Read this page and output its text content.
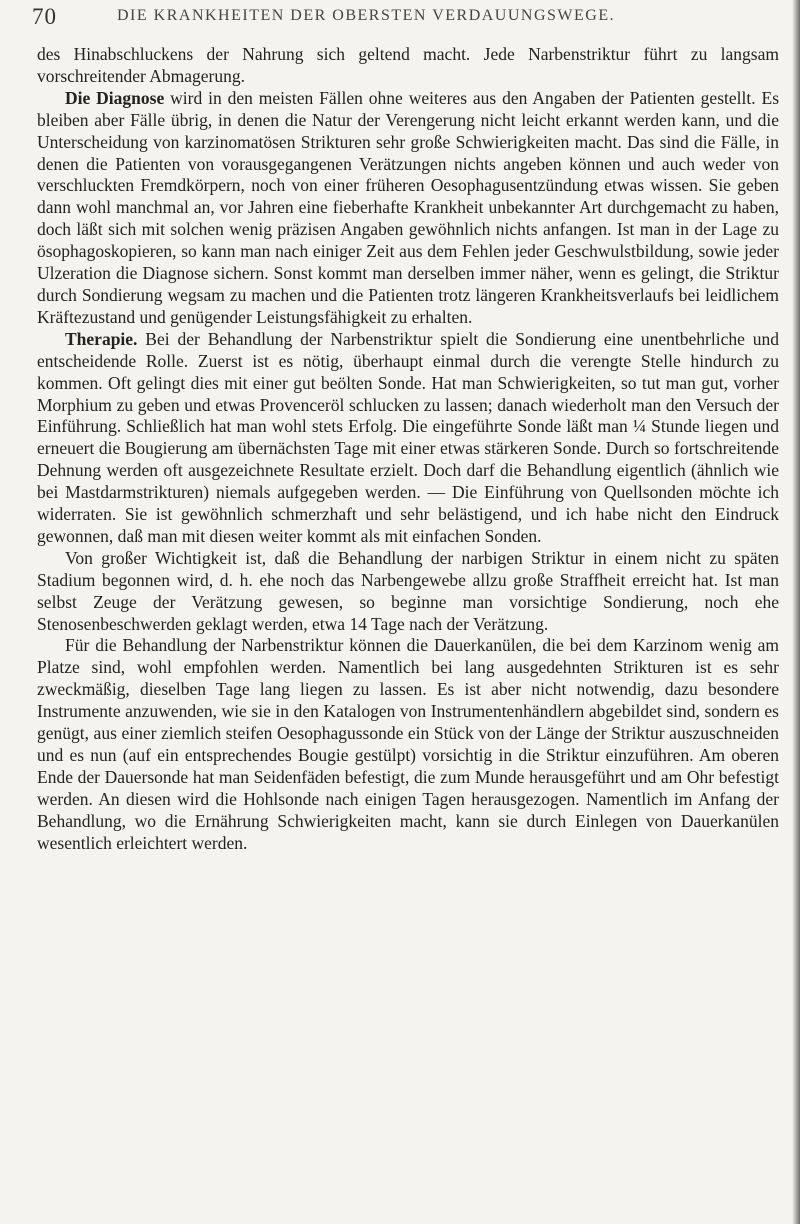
70	DIE KRANKHEITEN DER OBERSTEN VERDAUUNGSWEGE.

des Hinabschluckens der Nahrung sich geltend macht. Jede Narbenstriktur führt zu langsam vorschreitender Abmagerung.

Die Diagnose wird in den meisten Fällen ohne weiteres aus den Angaben der Patienten gestellt. Es bleiben aber Fälle übrig, in denen die Natur der Verengerung nicht leicht erkannt werden kann, und die Unterscheidung von karzinomatösen Strikturen sehr große Schwierigkeiten macht. Das sind die Fälle, in denen die Patienten von vorausgegangenen Verätzungen nichts angeben können und auch weder von verschluckten Fremdkörpern, noch von einer früheren Oesophagusentzündung etwas wissen. Sie geben dann wohl manchmal an, vor Jahren eine fieberhafte Krankheit unbekannter Art durchgemacht zu haben, doch läßt sich mit solchen wenig präzisen Angaben gewöhnlich nichts anfangen. Ist man in der Lage zu ösophagoskopieren, so kann man nach einiger Zeit aus dem Fehlen jeder Geschwulstbildung, sowie jeder Ulzeration die Diagnose sichern. Sonst kommt man derselben immer näher, wenn es gelingt, die Striktur durch Sondierung wegsam zu machen und die Patienten trotz längeren Krankheitsverlaufs bei leidlichem Kräftezustand und genügender Leistungsfähigkeit zu erhalten.

Therapie. Bei der Behandlung der Narbenstriktur spielt die Sondierung eine unentbehrliche und entscheidende Rolle. Zuerst ist es nötig, überhaupt einmal durch die verengte Stelle hindurch zu kommen. Oft gelingt dies mit einer gut beölten Sonde. Hat man Schwierigkeiten, so tut man gut, vorher Morphium zu geben und etwas Provenceröl schlucken zu lassen; danach wiederholt man den Versuch der Einführung. Schließlich hat man wohl stets Erfolg. Die eingeführte Sonde läßt man ¼ Stunde liegen und erneuert die Bougierung am übernächsten Tage mit einer etwas stärkeren Sonde. Durch so fortschreitende Dehnung werden oft ausgezeichnete Resultate erzielt. Doch darf die Behandlung eigentlich (ähnlich wie bei Mastdarmstrikturen) niemals aufgegeben werden. — Die Einführung von Quellsonden möchte ich widerraten. Sie ist gewöhnlich schmerzhaft und sehr belästigend, und ich habe nicht den Eindruck gewonnen, daß man mit diesen weiter kommt als mit einfachen Sonden.

Von großer Wichtigkeit ist, daß die Behandlung der narbigen Striktur in einem nicht zu späten Stadium begonnen wird, d. h. ehe noch das Narbengewebe allzu große Straffheit erreicht hat. Ist man selbst Zeuge der Verätzung gewesen, so beginne man vorsichtige Sondierung, noch ehe Stenosenbeschwerden geklagt werden, etwa 14 Tage nach der Verätzung.

Für die Behandlung der Narbenstriktur können die Dauerkanülen, die bei dem Karzinom wenig am Platze sind, wohl empfohlen werden. Namentlich bei lang ausgedehnten Strikturen ist es sehr zweckmäßig, dieselben Tage lang liegen zu lassen. Es ist aber nicht notwendig, dazu besondere Instrumente anzuwenden, wie sie in den Katalogen von Instrumentenhändlern abgebildet sind, sondern es genügt, aus einer ziemlich steifen Oesophagussonde ein Stück von der Länge der Striktur auszuschneiden und es nun (auf ein entsprechendes Bougie gestülpt) vorsichtig in die Striktur einzuführen. Am oberen Ende der Dauersonde hat man Seidenfäden befestigt, die zum Munde herausgeführt und am Ohr befestigt werden. An diesen wird die Hohlsonde nach einigen Tagen herausgezogen. Namentlich im Anfang der Behandlung, wo die Ernährung Schwierigkeiten macht, kann sie durch Einlegen von Dauerkanülen wesentlich erleichtert werden.
